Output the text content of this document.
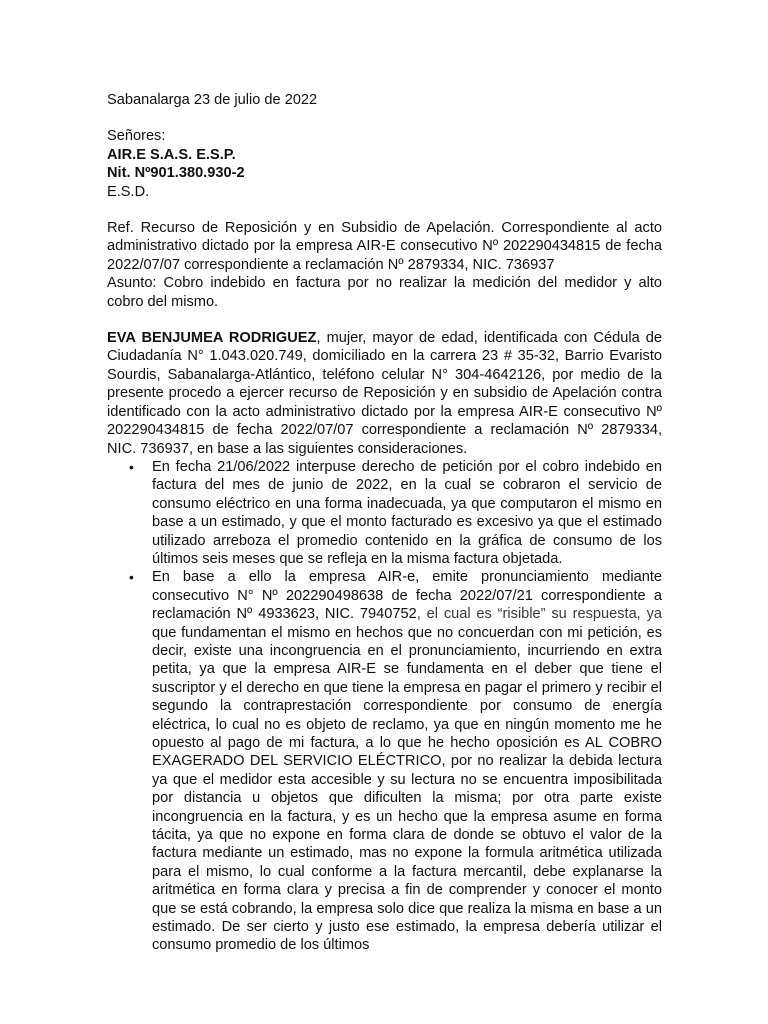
Sabanalarga 23 de julio de 2022

Señores:

AIR.E S.A.S. E.S.P.

Nit. Nº901.380.930-2

E.S.D.

Ref. Recurso de Reposición y en Subsidio de Apelación. Correspondiente al acto administrativo dictado por la empresa AIR-E consecutivo Nº 202290434815 de fecha 2022/07/07 correspondiente a reclamación Nº 2879334, NIC. 736937

Asunto: Cobro indebido en factura por no realizar la medición del medidor y alto cobro del mismo.

EVA BENJUMEA RODRIGUEZ, mujer, mayor de edad, identificada con Cédula de Ciudadanía N° 1.043.020.749, domiciliado en la carrera 23 # 35-32, Barrio Evaristo Sourdis, Sabanalarga-Atlántico, teléfono celular N° 304-4642126, por medio de la presente procedo a ejercer recurso de Reposición y en subsidio de Apelación contra identificado con la acto administrativo dictado por la empresa AIR-E consecutivo Nº 202290434815 de fecha 2022/07/07 correspondiente a reclamación Nº 2879334, NIC. 736937, en base a las siguientes consideraciones.

• En fecha 21/06/2022 interpuse derecho de petición por el cobro indebido en factura del mes de junio de 2022, en la cual se cobraron el servicio de consumo eléctrico en una forma inadecuada, ya que computaron el mismo en base a un estimado, y que el monto facturado es excesivo ya que el estimado utilizado arreboza el promedio contenido en la gráfica de consumo de los últimos seis meses que se refleja en la misma factura objetada.
• En base a ello la empresa AIR-e, emite pronunciamiento mediante consecutivo N° Nº 202290498638 de fecha 2022/07/21 correspondiente a reclamación Nº 4933623, NIC. 7940752, el cual es “risible” su respuesta, ya que fundamentan el mismo en hechos que no concuerdan con mi petición, es decir, existe una incongruencia en el pronunciamiento, incurriendo en extra petita, ya que la empresa AIR-E se fundamenta en el deber que tiene el suscriptor y el derecho en que tiene la empresa en pagar el primero y recibir el segundo la contraprestación correspondiente por consumo de energía eléctrica, lo cual no es objeto de reclamo, ya que en ningún momento me he opuesto al pago de mi factura, a lo que he hecho oposición es AL COBRO EXAGERADO DEL SERVICIO ELÉCTRICO, por no realizar la debida lectura ya que el medidor esta accesible y su lectura no se encuentra imposibilitada por distancia u objetos que dificulten la misma; por otra parte existe incongruencia en la factura, y es un hecho que la empresa asume en forma tácita, ya que no expone en forma clara de donde se obtuvo el valor de la factura mediante un estimado, mas no expone la formula aritmética utilizada para el mismo, lo cual conforme a la factura mercantil, debe explanarse la aritmética en forma clara y precisa a fin de comprender y conocer el monto que se está cobrando, la empresa solo dice que realiza la misma en base a un estimado. De ser cierto y justo ese estimado, la empresa debería utilizar el consumo promedio de los últimos
